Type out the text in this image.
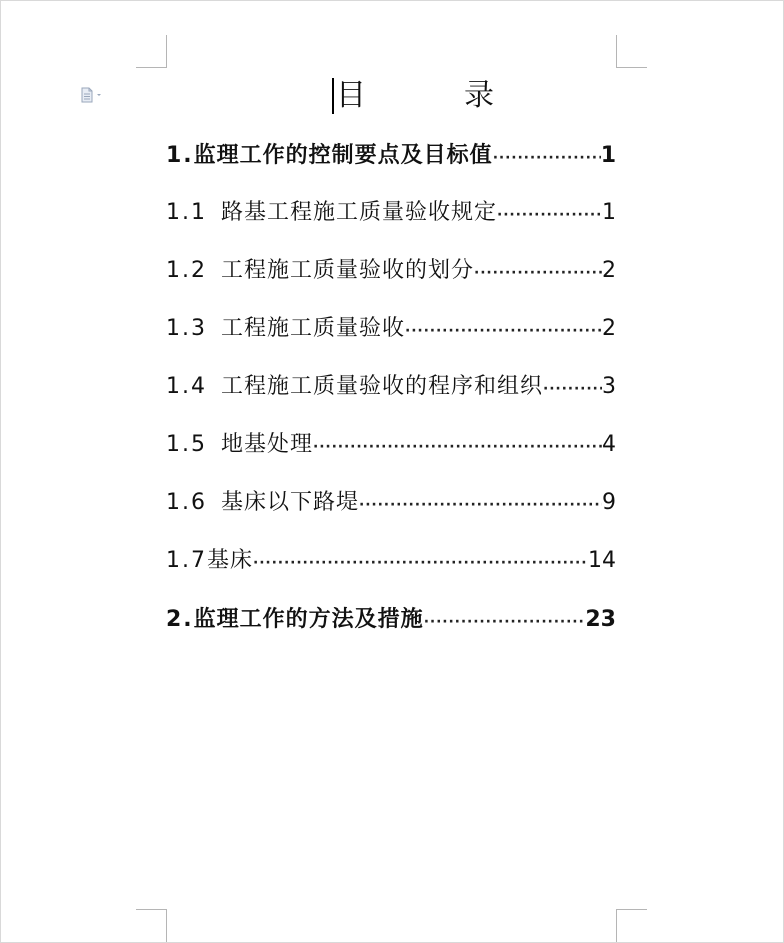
目　录
1. 监理工作的控制要点及目标值 · · ·	1
1.1 路基工程施工质量验收规定 · · ·	1
1.2 工程施工质量验收的划分 · · ·	2
1.3 工程施工质量验收 · · ·	2
1.4 工程施工质量验收的程序和组织 · · ·	3
1.5 地基处理 · · ·	4
1.6 基床以下路堤 · · ·	9
1.7 基床 · · ·	14
2. 监理工作的方法及措施 · · ·	23
